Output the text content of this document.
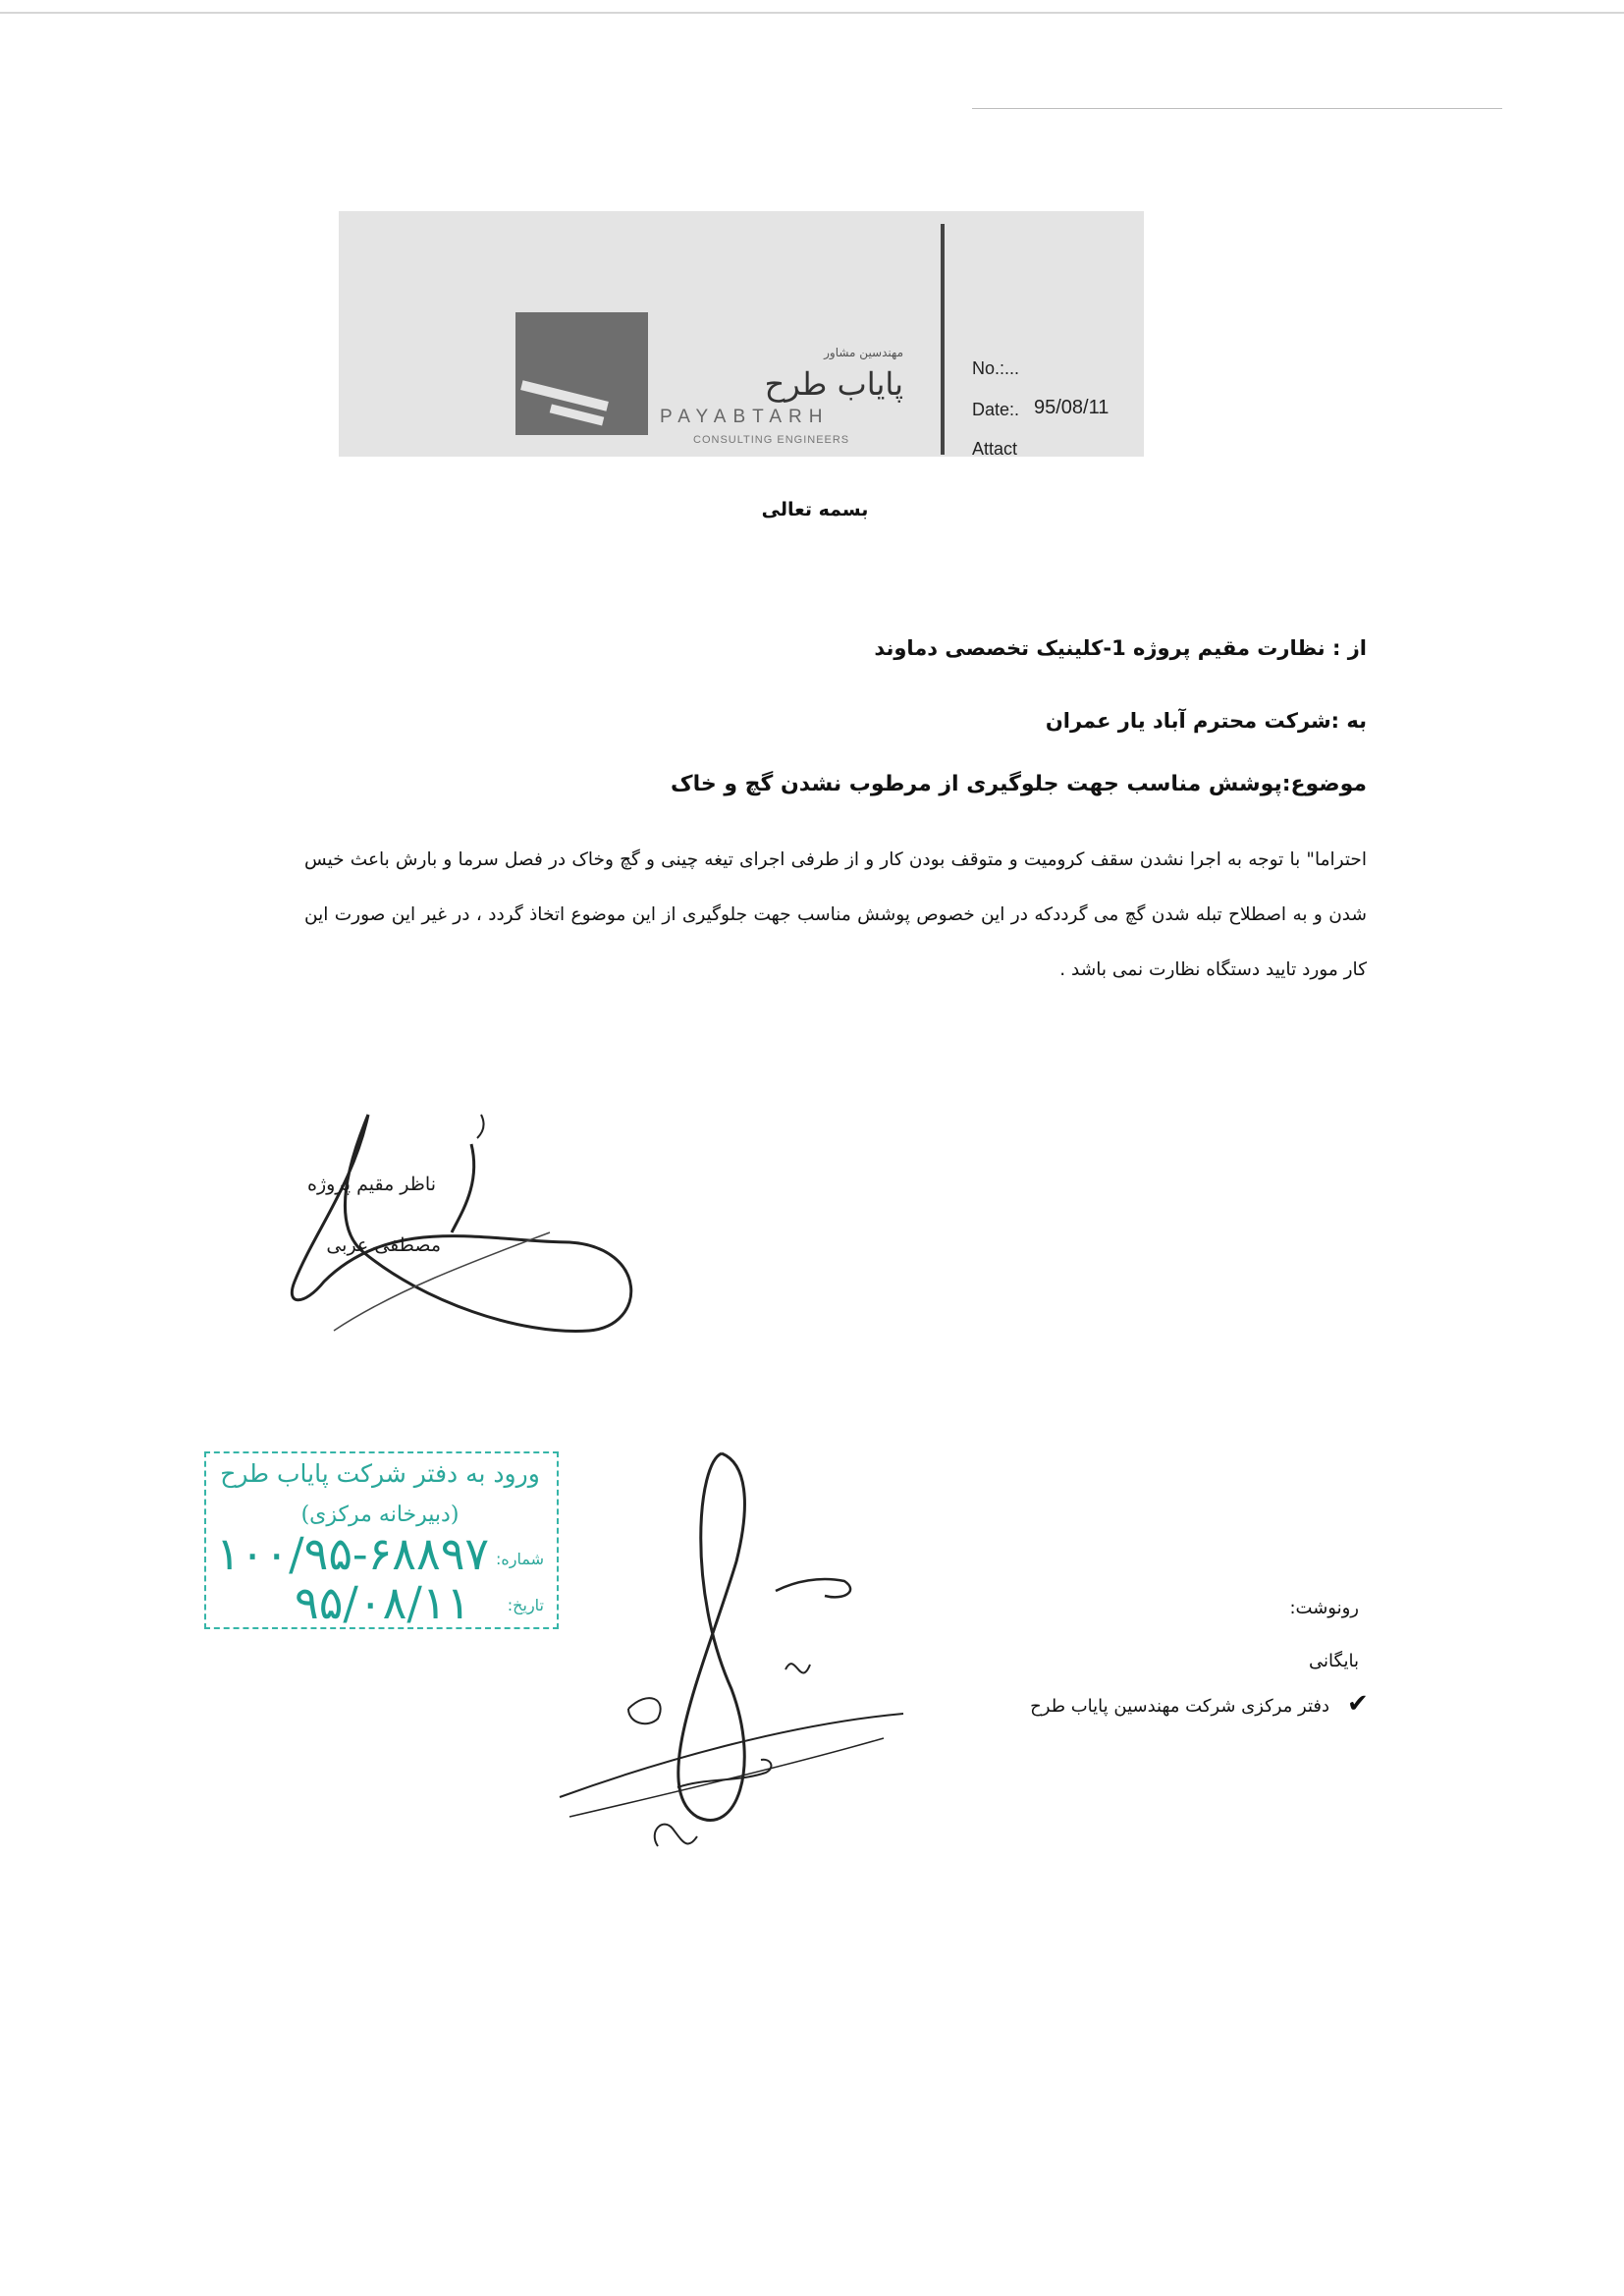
مهندسین مشاور
پایاب طرح
PAYABTARH
CONSULTING ENGINEERS
No.:...
Date:. 95/08/11
Attact
بسمه تعالی
از : نظارت مقیم پروژه 1-کلینیک تخصصی دماوند
به :شرکت محترم آباد یار عمران
موضوع:پوشش مناسب جهت جلوگیری از مرطوب نشدن گچ و خاک
احتراما" با توجه به اجرا نشدن سقف کرومیت و متوقف بودن کار و از طرفی اجرای تیغه چینی و گچ وخاک در فصل سرما و بارش باعث خیس شدن و به اصطلاح تبله شدن گچ می گرددکه در این خصوص پوشش مناسب جهت جلوگیری از این موضوع اتخاذ گردد ، در غیر این صورت این کار مورد تایید دستگاه نظارت نمی باشد .
ناظر مقیم پروژه
مصطفی عربی
ورود به دفتر شرکت پایاب طرح
(دبیرخانه مرکزی)
شماره:
۱۰۰/۹۵-۶۸۸۹۷
تاریخ:
۹۵/۰۸/۱۱	رونوشت:
بایگانی
دفتر مرکزی شرکت مهندسین پایاب طرح ✔
